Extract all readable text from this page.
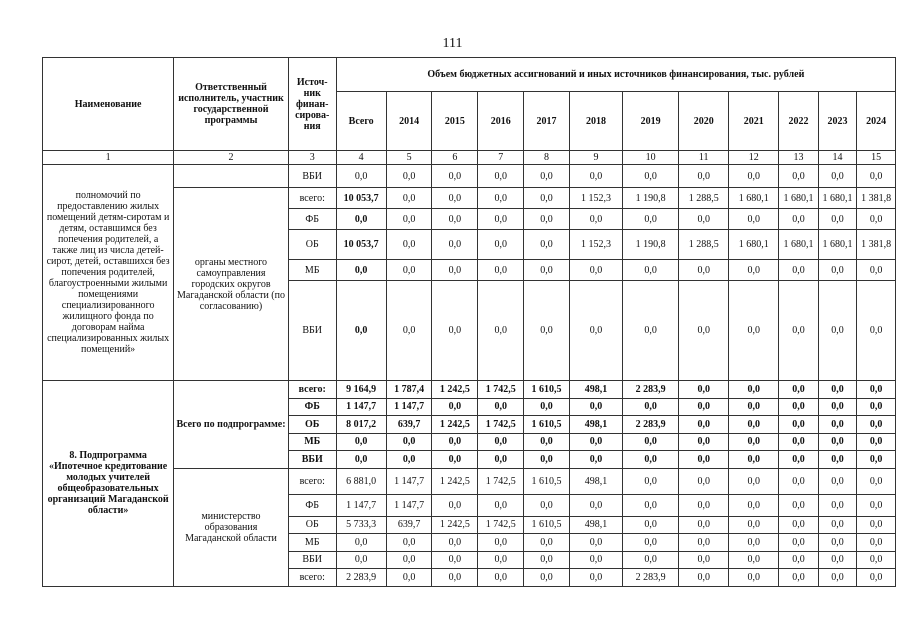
111
Наименование	Ответственный исполнитель, участник государственной программы	Источ-ник финан-сирова-ния	Объем бюджетных ассигнований и иных источников финансирования, тыс. рублей											
			Всего	2014	2015	2016	2017	2018	2019	2020	2021	2022	2023	2024
1	2	3	4	5	6	7	8	9	10	11	12	13	14	15
полномочий по предоставлению жилых помещений детям-сиротам и детям, оставшимся без попечения родителей, а также лиц из числа детей-сирот, детей, оставшихся без попечения родителей, благоустроенными жилыми помещениями специализированного жилищного фонда по договорам найма специализированных жилых помещений»		ВБИ	0,0	0,0	0,0	0,0	0,0	0,0	0,0	0,0	0,0	0,0	0,0	0,0
	органы местного самоуправления городских округов Магаданской области (по согласованию)	всего:	10 053,7	0,0	0,0	0,0	0,0	1 152,3	1 190,8	1 288,5	1 680,1	1 680,1	1 680,1	1 381,8
		ФБ	0,0	0,0	0,0	0,0	0,0	0,0	0,0	0,0	0,0	0,0	0,0	0,0
		ОБ	10 053,7	0,0	0,0	0,0	0,0	1 152,3	1 190,8	1 288,5	1 680,1	1 680,1	1 680,1	1 381,8
		МБ	0,0	0,0	0,0	0,0	0,0	0,0	0,0	0,0	0,0	0,0	0,0	0,0
		ВБИ	0,0	0,0	0,0	0,0	0,0	0,0	0,0	0,0	0,0	0,0	0,0	0,0
8. Подпрограмма «Ипотечное кредитование молодых учителей общеобразовательных организаций Магаданской области»	Всего по подпрограмме:	всего:	9 164,9	1 787,4	1 242,5	1 742,5	1 610,5	498,1	2 283,9	0,0	0,0	0,0	0,0	0,0
		ФБ	1 147,7	1 147,7	0,0	0,0	0,0	0,0	0,0	0,0	0,0	0,0	0,0	0,0
		ОБ	8 017,2	639,7	1 242,5	1 742,5	1 610,5	498,1	2 283,9	0,0	0,0	0,0	0,0	0,0
		МБ	0,0	0,0	0,0	0,0	0,0	0,0	0,0	0,0	0,0	0,0	0,0	0,0
		ВБИ	0,0	0,0	0,0	0,0	0,0	0,0	0,0	0,0	0,0	0,0	0,0	0,0
	министерство образования Магаданской области	всего:	6 881,0	1 147,7	1 242,5	1 742,5	1 610,5	498,1	0,0	0,0	0,0	0,0	0,0	0,0
		ФБ	1 147,7	1 147,7	0,0	0,0	0,0	0,0	0,0	0,0	0,0	0,0	0,0	0,0
		ОБ	5 733,3	639,7	1 242,5	1 742,5	1 610,5	498,1	0,0	0,0	0,0	0,0	0,0	0,0
		МБ	0,0	0,0	0,0	0,0	0,0	0,0	0,0	0,0	0,0	0,0	0,0	0,0
		ВБИ	0,0	0,0	0,0	0,0	0,0	0,0	0,0	0,0	0,0	0,0	0,0	0,0
		всего:	2 283,9	0,0	0,0	0,0	0,0	0,0	2 283,9	0,0	0,0	0,0	0,0	0,0
